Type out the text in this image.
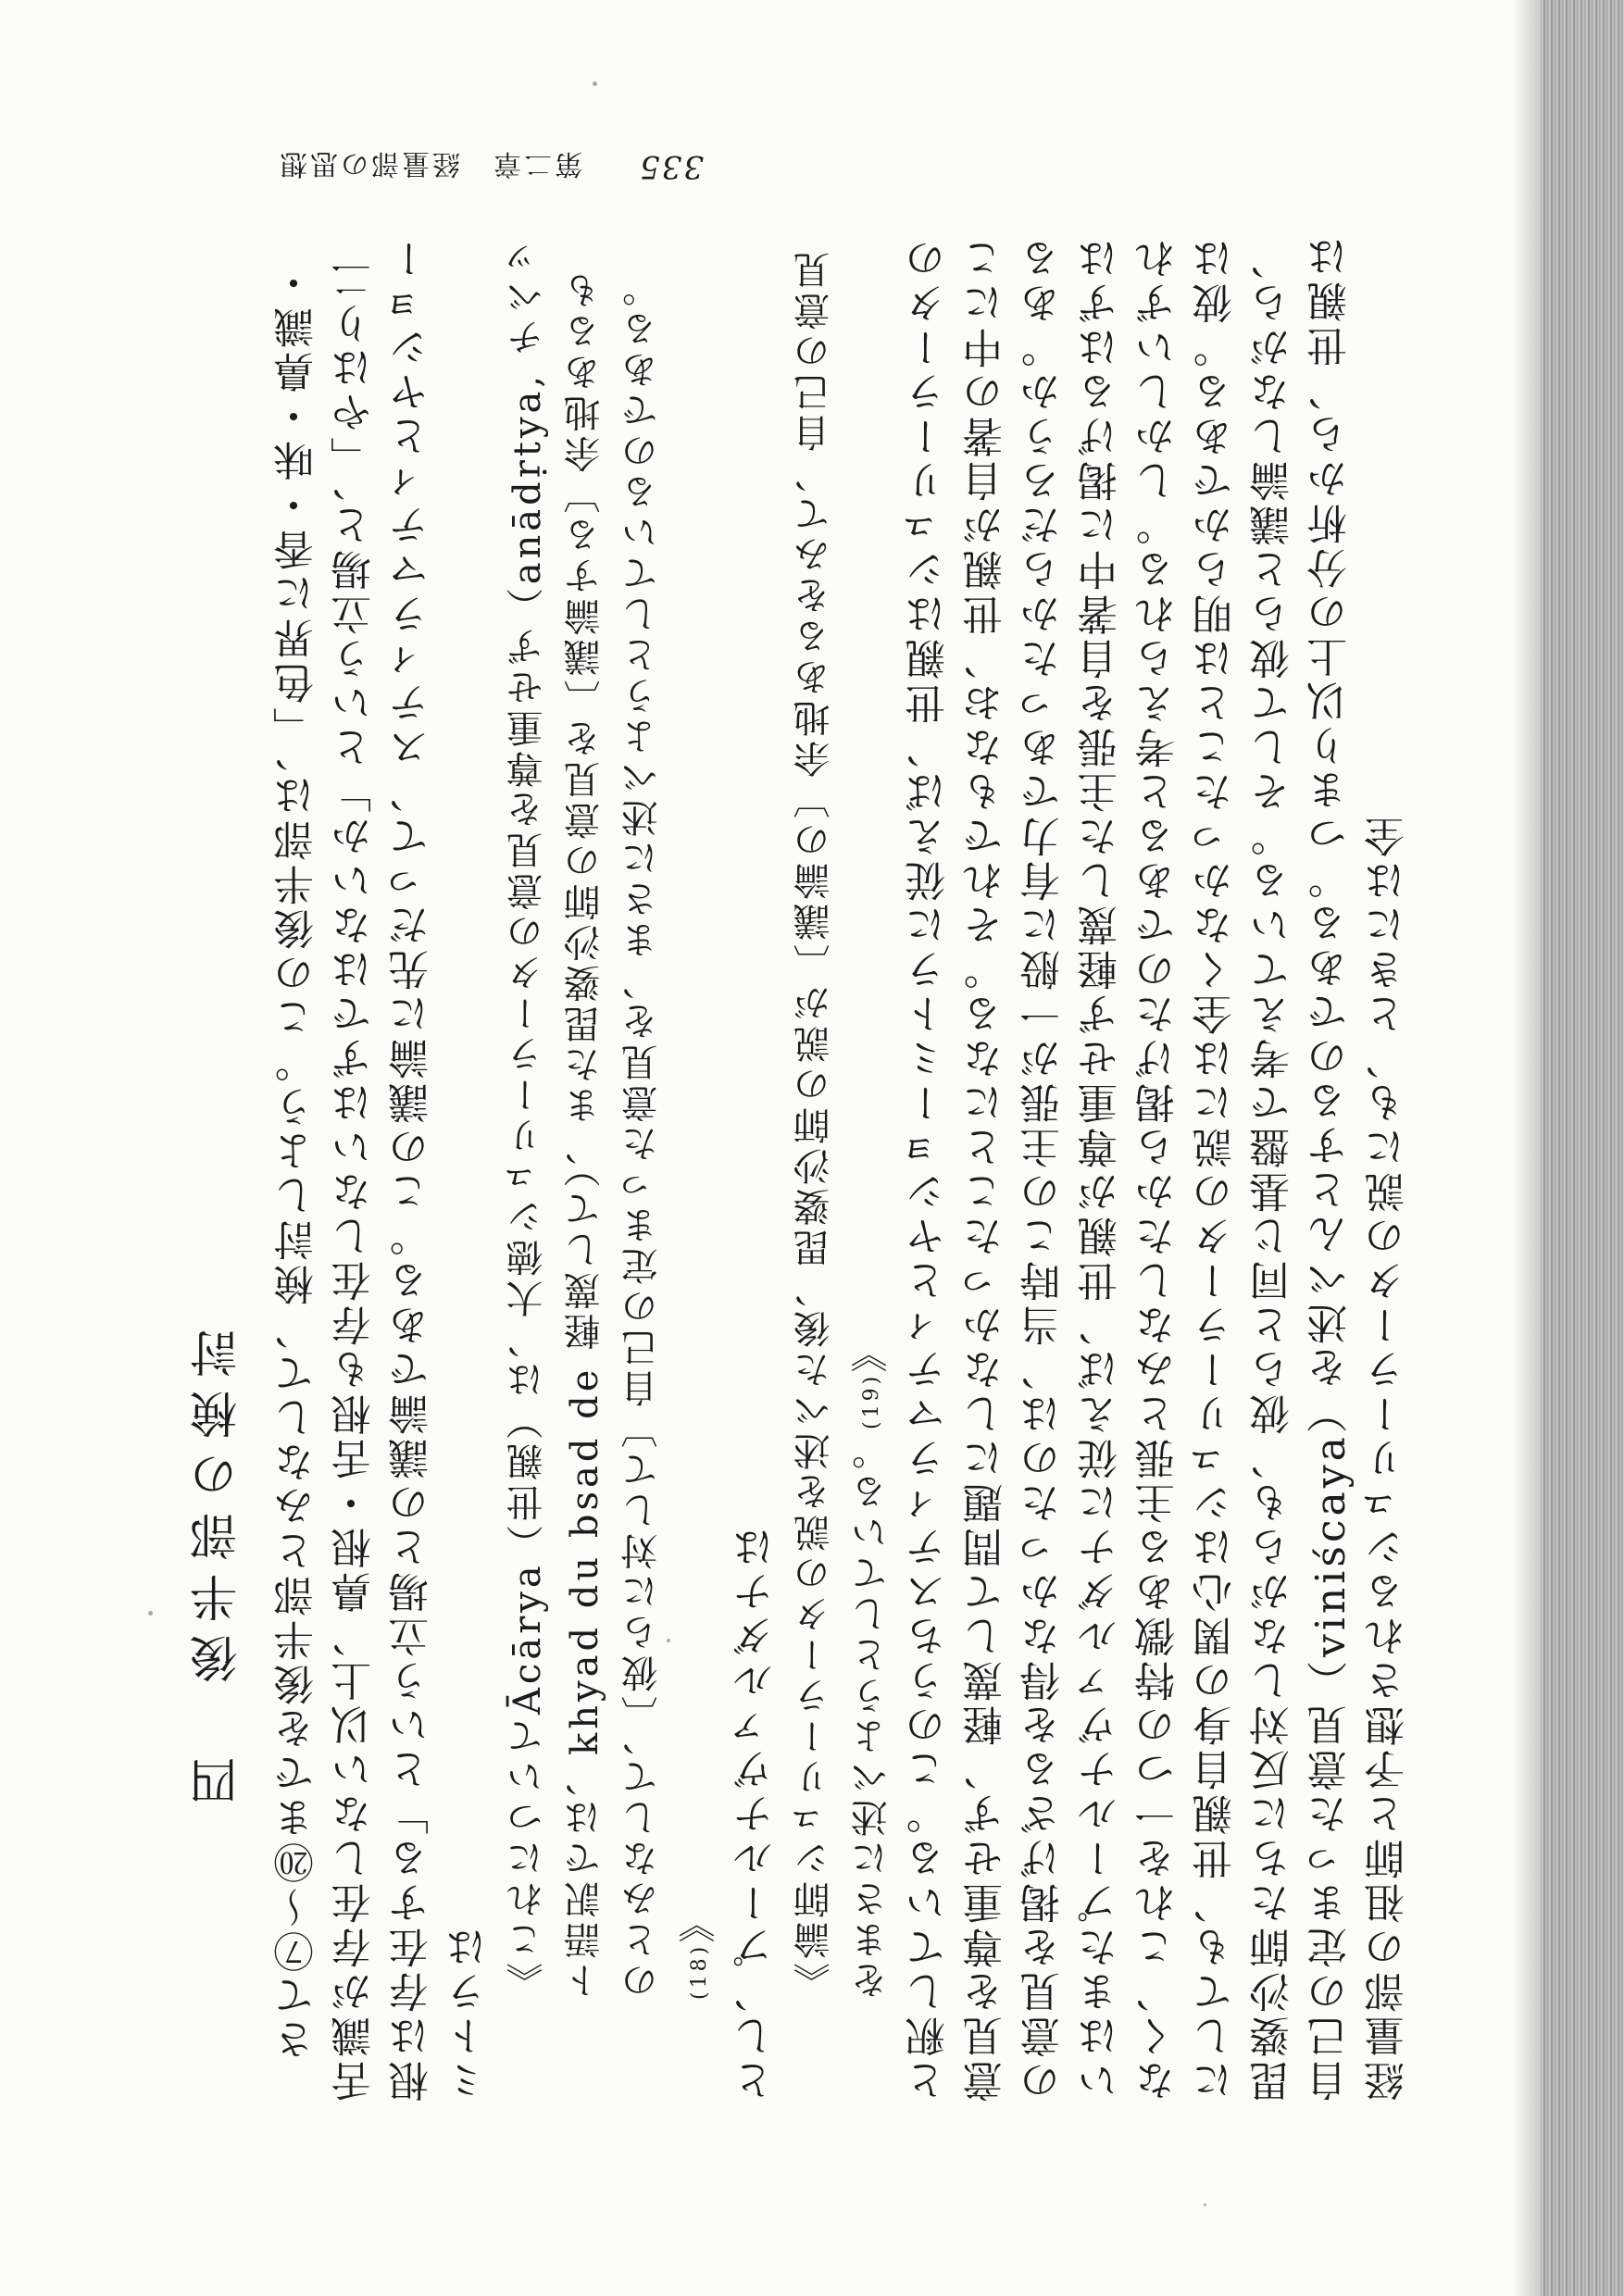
335
第二章　経量部の思想
四　後半部の検討 さて⑦～⑳までを後半部とみなして、検討しよう。この後半部は、「色界に香・味・鼻識・舌識が存在しない以上、鼻根・舌根も存在しないはずではないか」という立場と、「やはり二根は存在する」という立場との議論である。この議論に先だって、スティラマティとヤショーミトラは

《これについてĀcārya（世親）は、大徳シュリーラータの意見を尊重せず（anādṛtya, チベット語訳では、khyad du bsad de 軽蔑して）、また毘婆沙師の意見を〔議論する〕余地あるものとみなして、〔彼らに対して〕自己の定まった意見を、まさに述べようとしているのである。 (18)》 とし、プールナヴァルダナは 《論師シュリーラータの説を述べた後、毘婆沙師の説が〔議論の〕余地あるをみて、自己の意見をまさに述べようとしている。(19)》 と釈している。このうちスティラマティとヤショーミトラに従えば、世親はシュリーラータの意見を尊重せず、軽蔑して問題にしなかったことになる。それでもなお、世親が自著の中にこの意見を掲げざるを得なかったのは、当時この主張が一般に有力であったからだろうか。あるいはまたプールナヴァルダナに従えば、世親が尊重せず軽蔑した主張を自著中に掲げるはずはなく、これを一つの特徴ある主張とみなしたから掲げたのであると考えられる。しかしいずれにしても、世親自身の関心はシュリーラータの説には全くなかったことは明らかである。彼は毘婆沙師たちに反対しながらも、彼らと同じ基盤で考えている。そして彼らと議論しながら、自己の定まった意見（viniścaya）を述べんとするのである。つまり以上の分析から、世親は経量部の祖師と予想されるシュリーラータの説にも、ときには全
